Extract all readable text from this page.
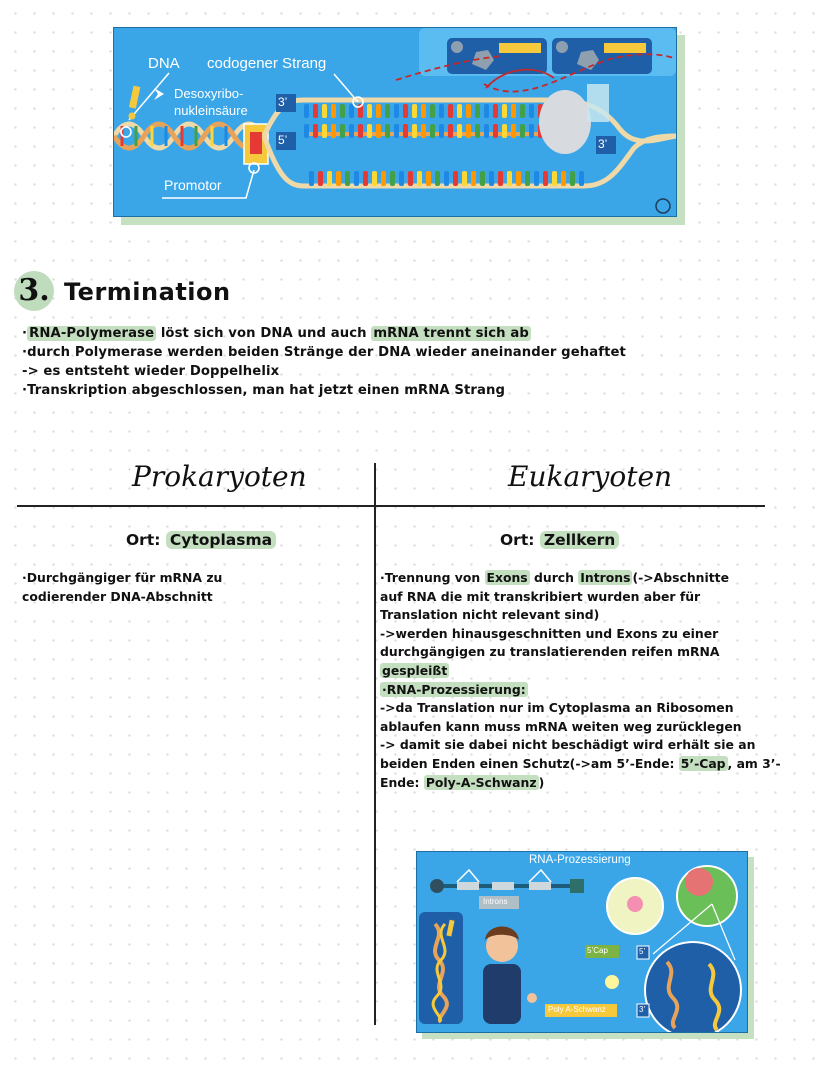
DNA codogener Strang
Desoxyribo-
nukleinsäure
Promotor
3’
5’	3’
3. Termination
· RNA-Polymerase löst sich von DNA und auch mRNA trennt sich ab
·durch Polymerase werden beiden Stränge der DNA wieder aneinander gehaftet
-> es entsteht wieder Doppelhelix
·Transkription abgeschlossen, man hat jetzt einen mRNA Strang
Prokaryoten	Eukaryoten
Ort: Cytoplasma	Ort: Zellkern
·Durchgängiger für mRNA zu
codierender DNA-Abschnitt
·Trennung von Exons durch Introns (->Abschnitte
auf RNA die mit transkribiert wurden aber für
Translation nicht relevant sind)
->werden hinausgeschnitten und Exons zu einer
durchgängigen zu translatierenden reifen mRNA
gespleißt
·RNA-Prozessierung:
->da Translation nur im Cytoplasma an Ribosomen
ablaufen kann muss mRNA weiten weg zurücklegen
-> damit sie dabei nicht beschädigt wird erhält sie an
beiden Enden einen Schutz(->am 5’-Ende: 5’-Cap , am 3’-
Ende: Poly-A-Schwanz )
RNA-Prozessierung
Introns
5’Cap	5’
Poly A-Schwanz	3’
